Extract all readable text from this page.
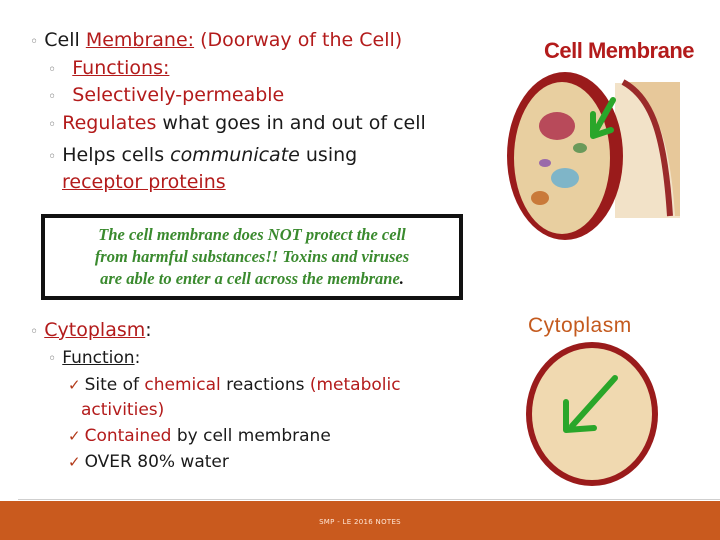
◦ Cell Membrane: (Doorway of the Cell)
◦ Functions:
◦ Selectively-permeable
◦ Regulates what goes in and out of cell
◦ Helps cells communicate using
receptor proteins
Cell Membrane
The cell membrane does NOT protect the cell
from harmful substances!! Toxins and viruses
are able to enter a cell across the membrane.
◦ Cytoplasm:
◦ Function:
✓ Site of chemical reactions (metabolic
activities)
✓ Contained by cell membrane
✓ OVER 80% water
Cytoplasm
SMP - LE 2016 NOTES
